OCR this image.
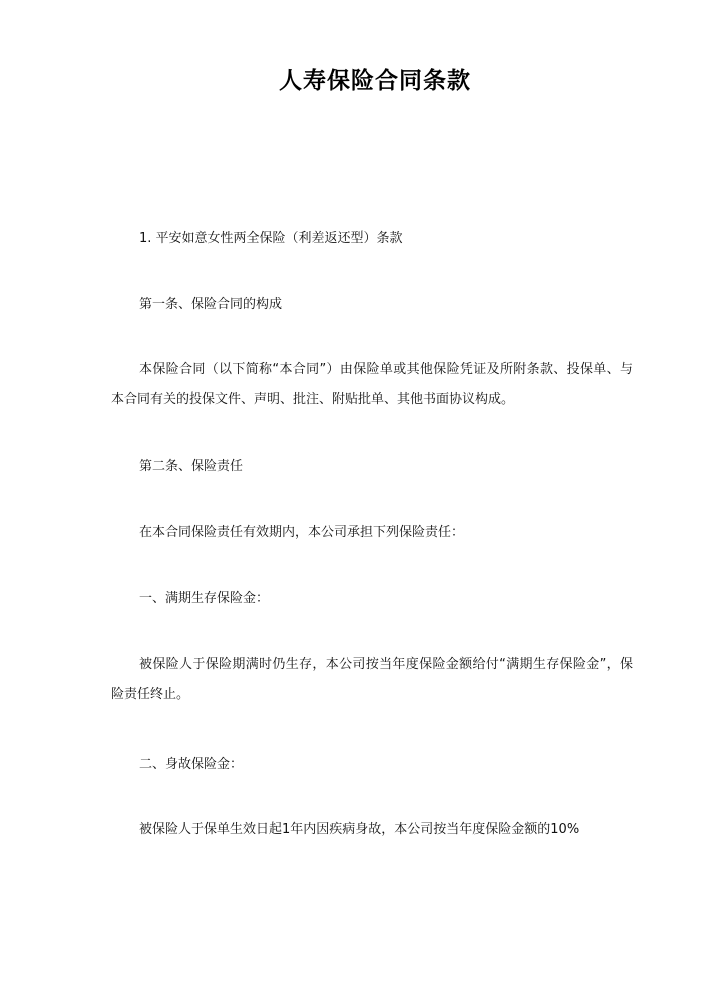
人寿保险合同条款
1. 平安如意女性两全保险（利差返还型）条款
第一条、保险合同的构成
本保险合同（以下简称“本合同”）由保险单或其他保险凭证及所附条款、投保单、与本合同有关的投保文件、声明、批注、附贴批单、其他书面协议构成。
第二条、保险责任
在本合同保险责任有效期内，本公司承担下列保险责任：
一、满期生存保险金：
被保险人于保险期满时仍生存，本公司按当年度保险金额给付“满期生存保险金”，保险责任终止。
二、身故保险金：
被保险人于保单生效日起1年内因疾病身故，本公司按当年度保险金额的10%
